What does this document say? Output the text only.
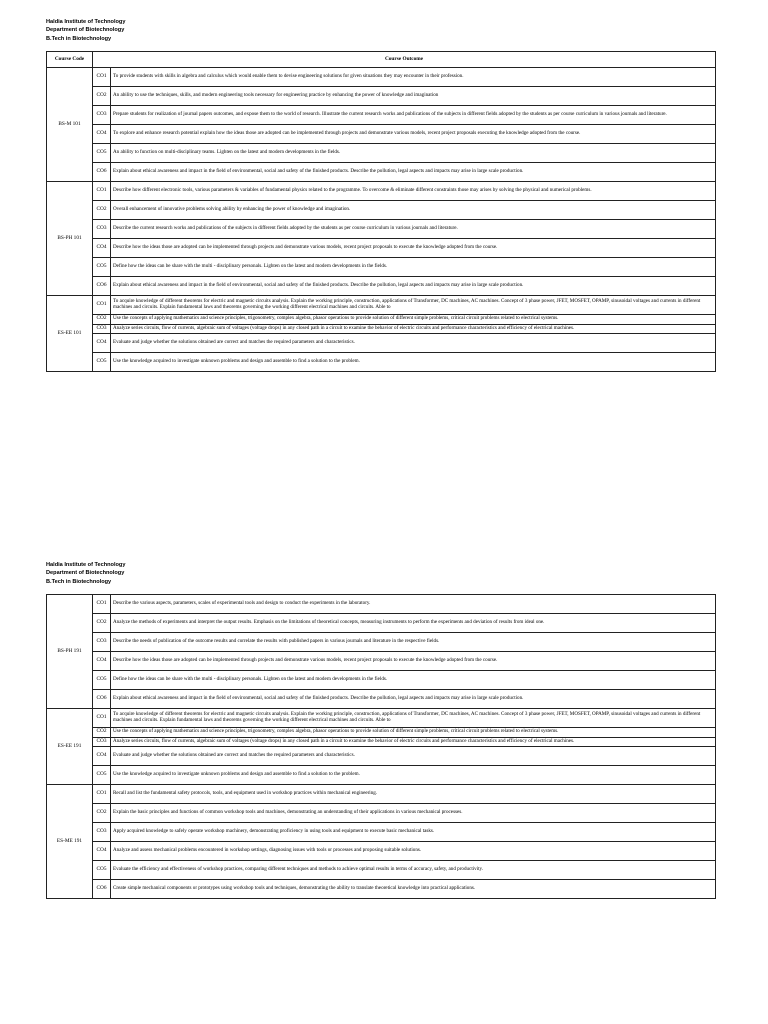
Haldia Institute of Technology
Department of Biotechnology
B.Tech in Biotechnology
Course Code	Course Outcome	
BS-M 101	CO1	To provide students with skills in algebra and calculus which would enable them to devise engineering solutions for given situations they may encounter in their profession.
	CO2	An ability to use the techniques, skills, and modern engineering tools necessary for engineering practice by enhancing the power of knowledge and imagination
	CO3	Prepare students for realization of journal papers outcomes, and expose them to the world of research. Illustrate the current research works and publications of the subjects in different fields adopted by the students as per course curriculum in various journals and literature.
	CO4	To explore and enhance research potential explain how the ideas those are adopted can be implemented through projects and demonstrate various models, recent project proposals executing the knowledge adopted from the course.
	CO5	An ability to function on multi-disciplinary teams. Lighten on the latest and modern developments in the fields.
	CO6	Explain about ethical awareness and impact in the field of environmental, social and safety of the finished products. Describe the pollution, legal aspects and impacts may arise in large scale production.
BS-PH 101	CO1	Describe how different electronic tools, various parameters & variables of fundamental physics related to the programme. To overcome & eliminate different constraints those may arises by solving the physical and numerical problems.
	CO2	Overall enhancement of innovative problems solving ability by enhancing the power of knowledge and imagination.
	CO3	Describe the current research works and publications of the subjects in different fields adopted by the students as per course curriculum in various journals and literature.
	CO4	Describe how the ideas those are adopted can be implemented through projects and demonstrate various models, recent project proposals to execute the knowledge adopted from the course.
	CO5	Define how the ideas can be share with the multi - disciplinary personals. Lighten on the latest and modern developments in the fields.
	CO6	Explain about ethical awareness and impact in the field of environmental, social and safety of the finished products. Describe the pollution, legal aspects and impacts may arise in large scale production.
ES-EE 101	CO1	To acquire knowledge of different theorems for electric and magnetic circuits analysis. Explain the working principle, construction, applications of Transformer, DC machines, AC machines. Concept of 3 phase power, JFET, MOSFET, OPAMP, sinusoidal voltages and currents in different machines and circuits. Explain fundamental laws and theorems governing the working different electrical machines and circuits. Able to
	CO2	Use the concepts of applying mathematics and science principles, trigonometry, complex algebra, phasor operations to provide solution of different simple problems, critical circuit problems related to electrical systems.
	CO3	Analyze series circuits, flow of currents, algebraic sum of voltages (voltage drops) in any closed path in a circuit to examine the behavior of electric circuits and performance characteristics and efficiency of electrical machines.
	CO4	Evaluate and judge whether the solutions obtained are correct and matches the required parameters and characteristics.
	CO5	Use the knowledge acquired to investigate unknown problems and design and assemble to find a solution to the problem.
Haldia Institute of Technology
Department of Biotechnology
B.Tech in Biotechnology
BS-PH 191	CO1	Describe the various aspects, parameters, scales of experimental tools and design to conduct the experiments in the laboratory.
	CO2	Analyze the methods of experiments and interpret the output results. Emphasis on the limitations of theoretical concepts, measuring instruments to perform the experiments and deviation of results from ideal one.
	CO3	Describe the needs of publication of the outcome results and correlate the results with published papers in various journals and literature in the respective fields.
	CO4	Describe how the ideas those are adopted can be implemented through projects and demonstrate various models, recent project proposals to execute the knowledge adopted from the course.
	CO5	Define how the ideas can be share with the multi - disciplinary personals. Lighten on the latest and modern developments in the fields.
	CO6	Explain about ethical awareness and impact in the field of environmental, social and safety of the finished products. Describe the pollution, legal aspects and impacts may arise in large scale production.
ES-EE 191	CO1	To acquire knowledge of different theorems for electric and magnetic circuits analysis. Explain the working principle, construction, applications of Transformer, DC machines, AC machines. Concept of 3 phase power, JFET, MOSFET, OPAMP, sinusoidal voltages and currents in different machines and circuits. Explain fundamental laws and theorems governing the working different electrical machines and circuits. Able to
	CO2	Use the concepts of applying mathematics and science principles, trigonometry, complex algebra, phasor operations to provide solution of different simple problems, critical circuit problems related to electrical systems.
	CO3	Analyze series circuits, flow of currents, algebraic sum of voltages (voltage drops) in any closed path in a circuit to examine the behavior of electric circuits and performance characteristics and efficiency of electrical machines.
	CO4	Evaluate and judge whether the solutions obtained are correct and matches the required parameters and characteristics.
	CO5	Use the knowledge acquired to investigate unknown problems and design and assemble to find a solution to the problem.
ES-ME 191	CO1	Recall and list the fundamental safety protocols, tools, and equipment used in workshop practices within mechanical engineering.
	CO2	Explain the basic principles and functions of common workshop tools and machines, demonstrating an understanding of their applications in various mechanical processes.
	CO3	Apply acquired knowledge to safely operate workshop machinery, demonstrating proficiency in using tools and equipment to execute basic mechanical tasks.
	CO4	Analyze and assess mechanical problems encountered in workshop settings, diagnosing issues with tools or processes and proposing suitable solutions.
	CO5	Evaluate the efficiency and effectiveness of workshop practices, comparing different techniques and methods to achieve optimal results in terms of accuracy, safety, and productivity.
	CO6	Create simple mechanical components or prototypes using workshop tools and techniques, demonstrating the ability to translate theoretical knowledge into practical applications.
